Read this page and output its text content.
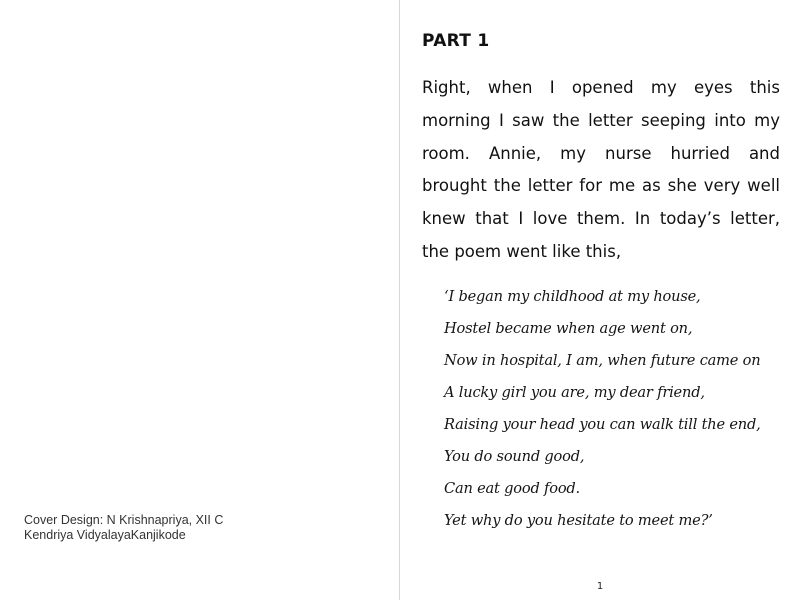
Cover Design: N Krishnapriya, XII C
Kendriya VidyalayaKanjikode
PART 1

Right, when I opened my eyes this morning I saw the letter seeping into my room. Annie, my nurse hurried and brought the letter for me as she very well knew that I love them. In today’s letter, the poem went like this,

‘I began my childhood at my house,
Hostel became when age went on,
Now in hospital, I am, when future came on
A lucky girl you are, my dear friend,
Raising your head you can walk till the end,
You do sound good,
Can eat good food.
Yet why do you hesitate to meet me?’
1
